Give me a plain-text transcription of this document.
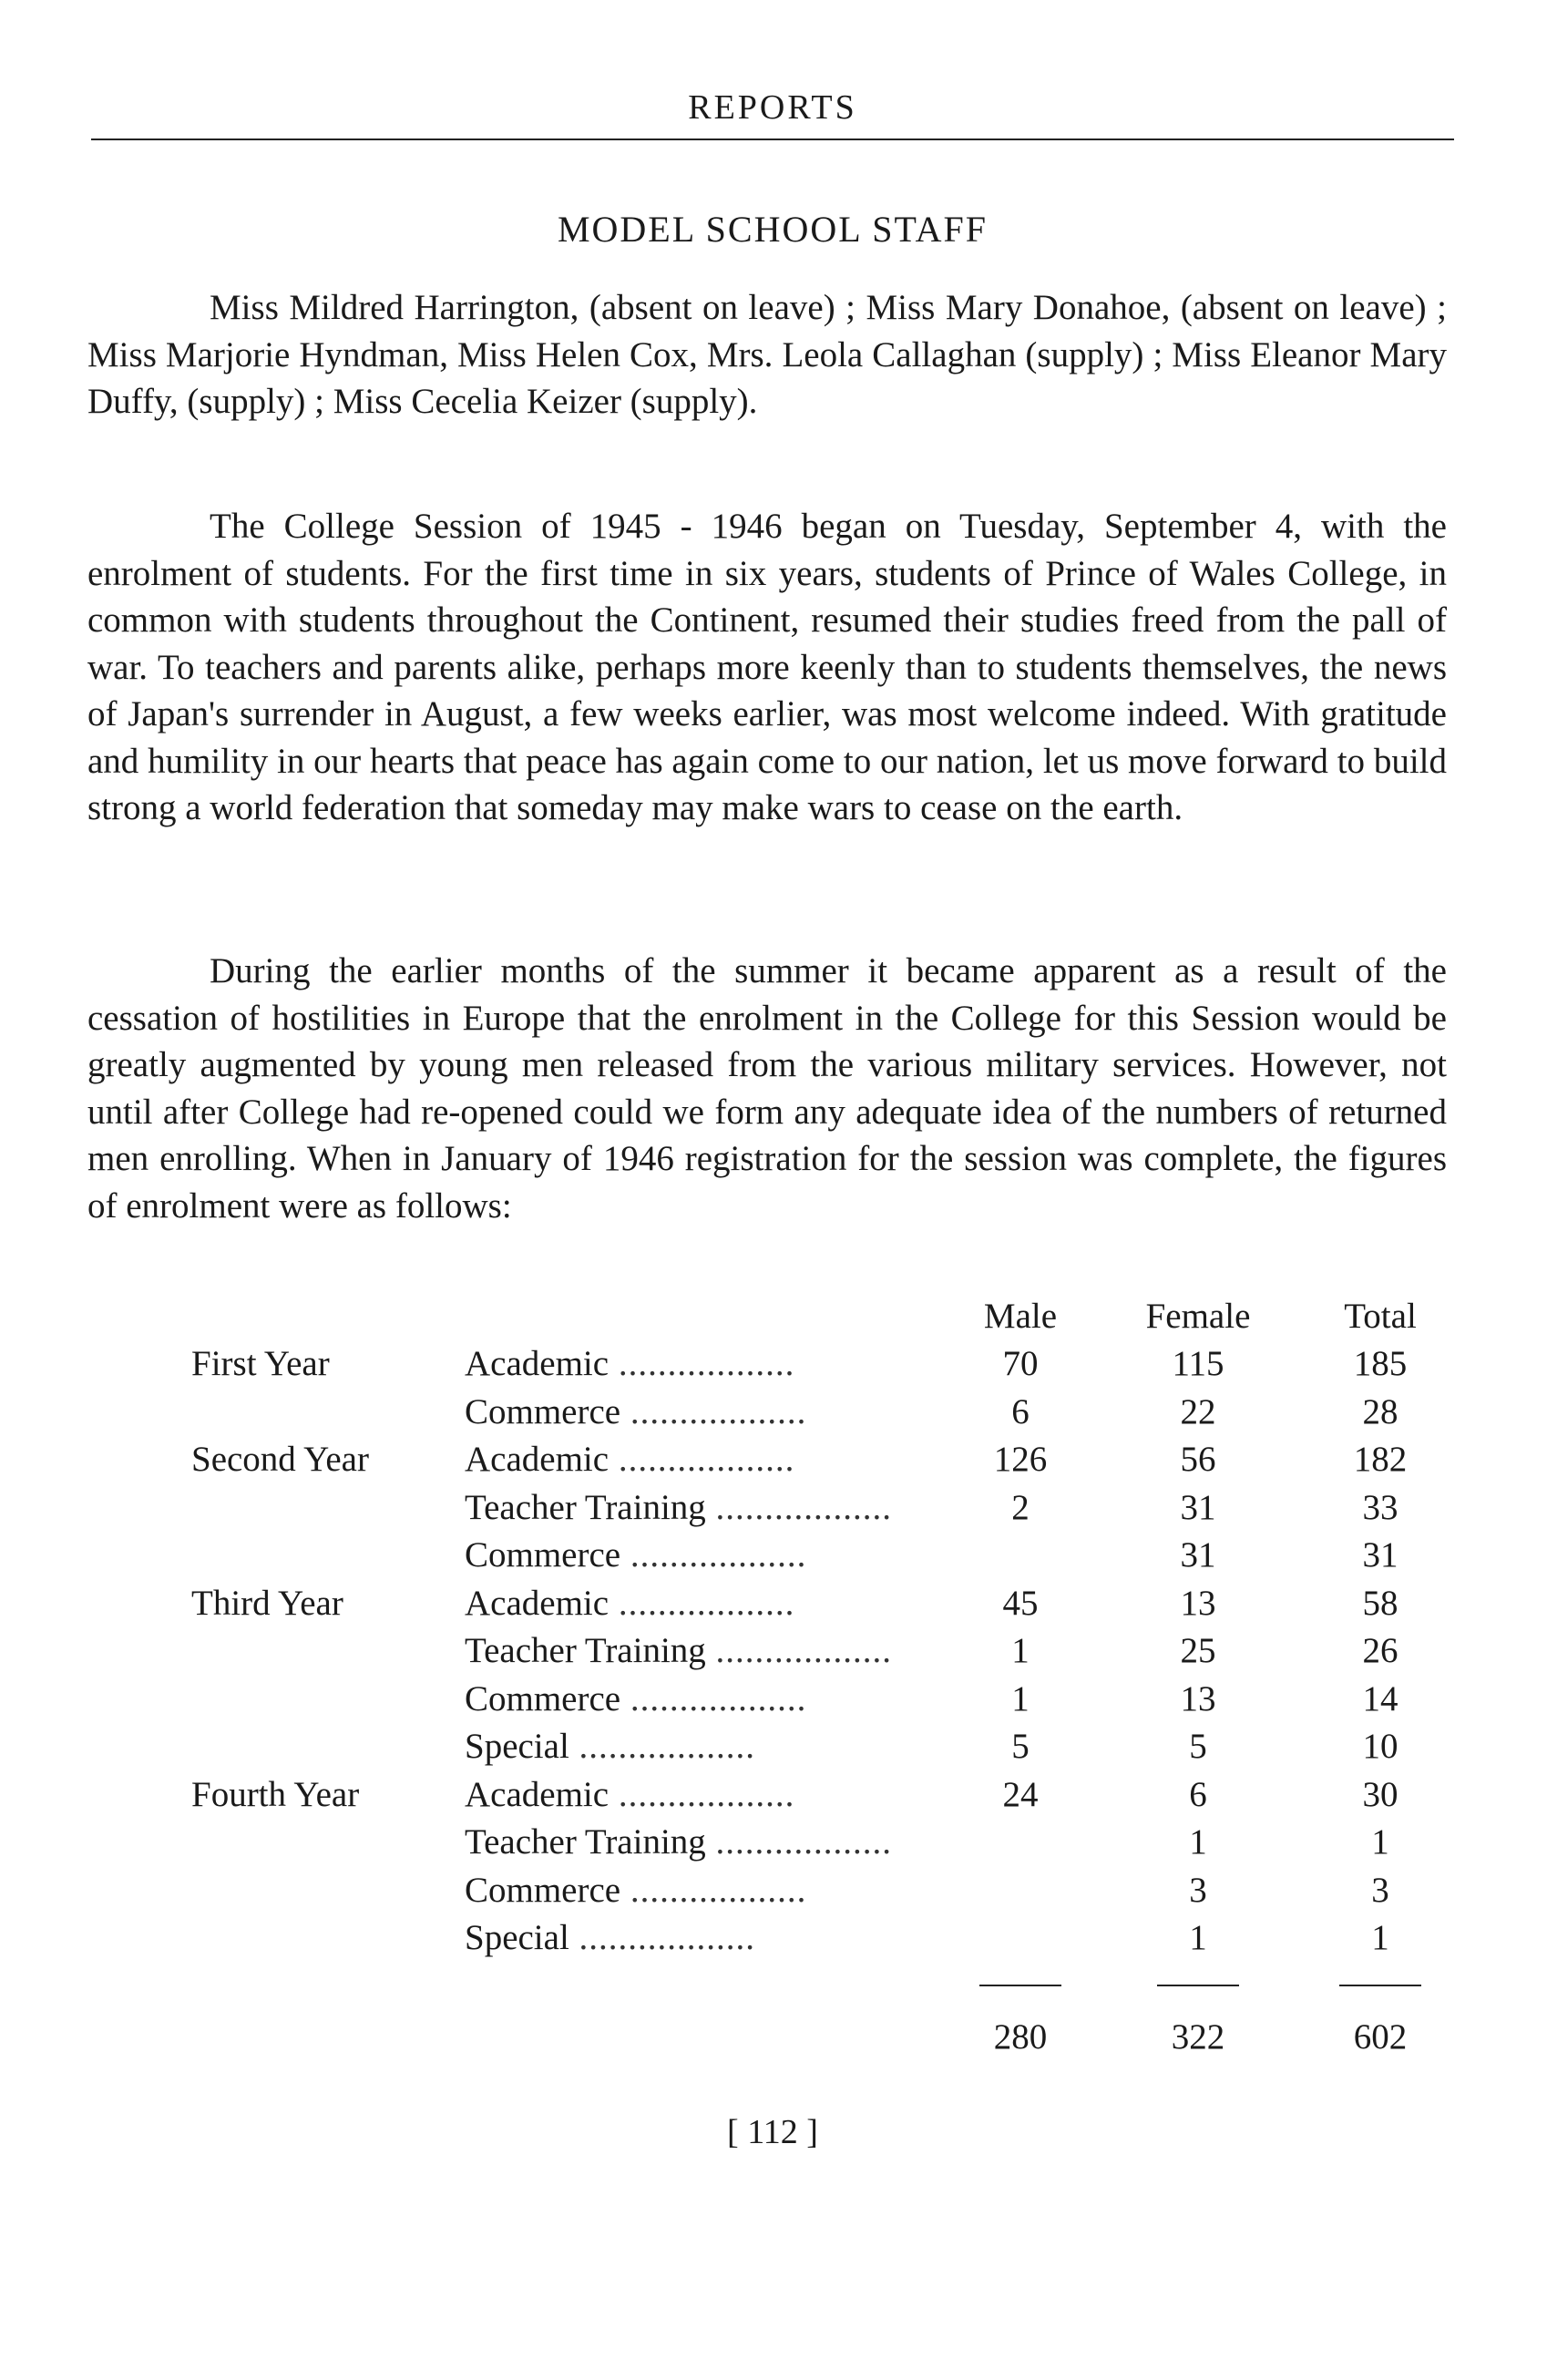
REPORTS
MODEL SCHOOL STAFF

Miss Mildred Harrington, (absent on leave) ; Miss Mary Donahoe, (absent on leave) ; Miss Marjorie Hyndman, Miss Helen Cox, Mrs. Leola Callaghan (supply) ; Miss Eleanor Mary Duffy, (supply) ; Miss Cecelia Keizer (supply).

The College Session of 1945 - 1946 began on Tuesday, September 4, with the enrolment of students. For the first time in six years, students of Prince of Wales College, in common with students throughout the Continent, resumed their studies freed from the pall of war. To teachers and parents alike, perhaps more keenly than to students themselves, the news of Japan's surrender in August, a few weeks earlier, was most welcome indeed. With gratitude and humility in our hearts that peace has again come to our nation, let us move forward to build strong a world federation that someday may make wars to cease on the earth.

During the earlier months of the summer it became apparent as a result of the cessation of hostilities in Europe that the enrolment in the College for this Session would be greatly augmented by young men released from the various military services. However, not until after College had re-opened could we form any adequate idea of the numbers of returned men enrolling. When in January of 1946 registration for the session was complete, the figures of enrolment were as follows:

		Male	Female	Total
First Year	Academic ..................	70	115	185
	Commerce ..................	6	22	28
Second Year	Academic ..................	126	56	182
	Teacher Training ..................	2	31	33
	Commerce ..................		31	31
Third Year	Academic ..................	45	13	58
	Teacher Training ..................	1	25	26
	Commerce ..................	1	13	14
	Special ..................	5	5	10
Fourth Year	Academic ..................	24	6	30
	Teacher Training ..................		1	1
	Commerce ..................		3	3
	Special ..................		1	1

		280	322	602
[ 112 ]
